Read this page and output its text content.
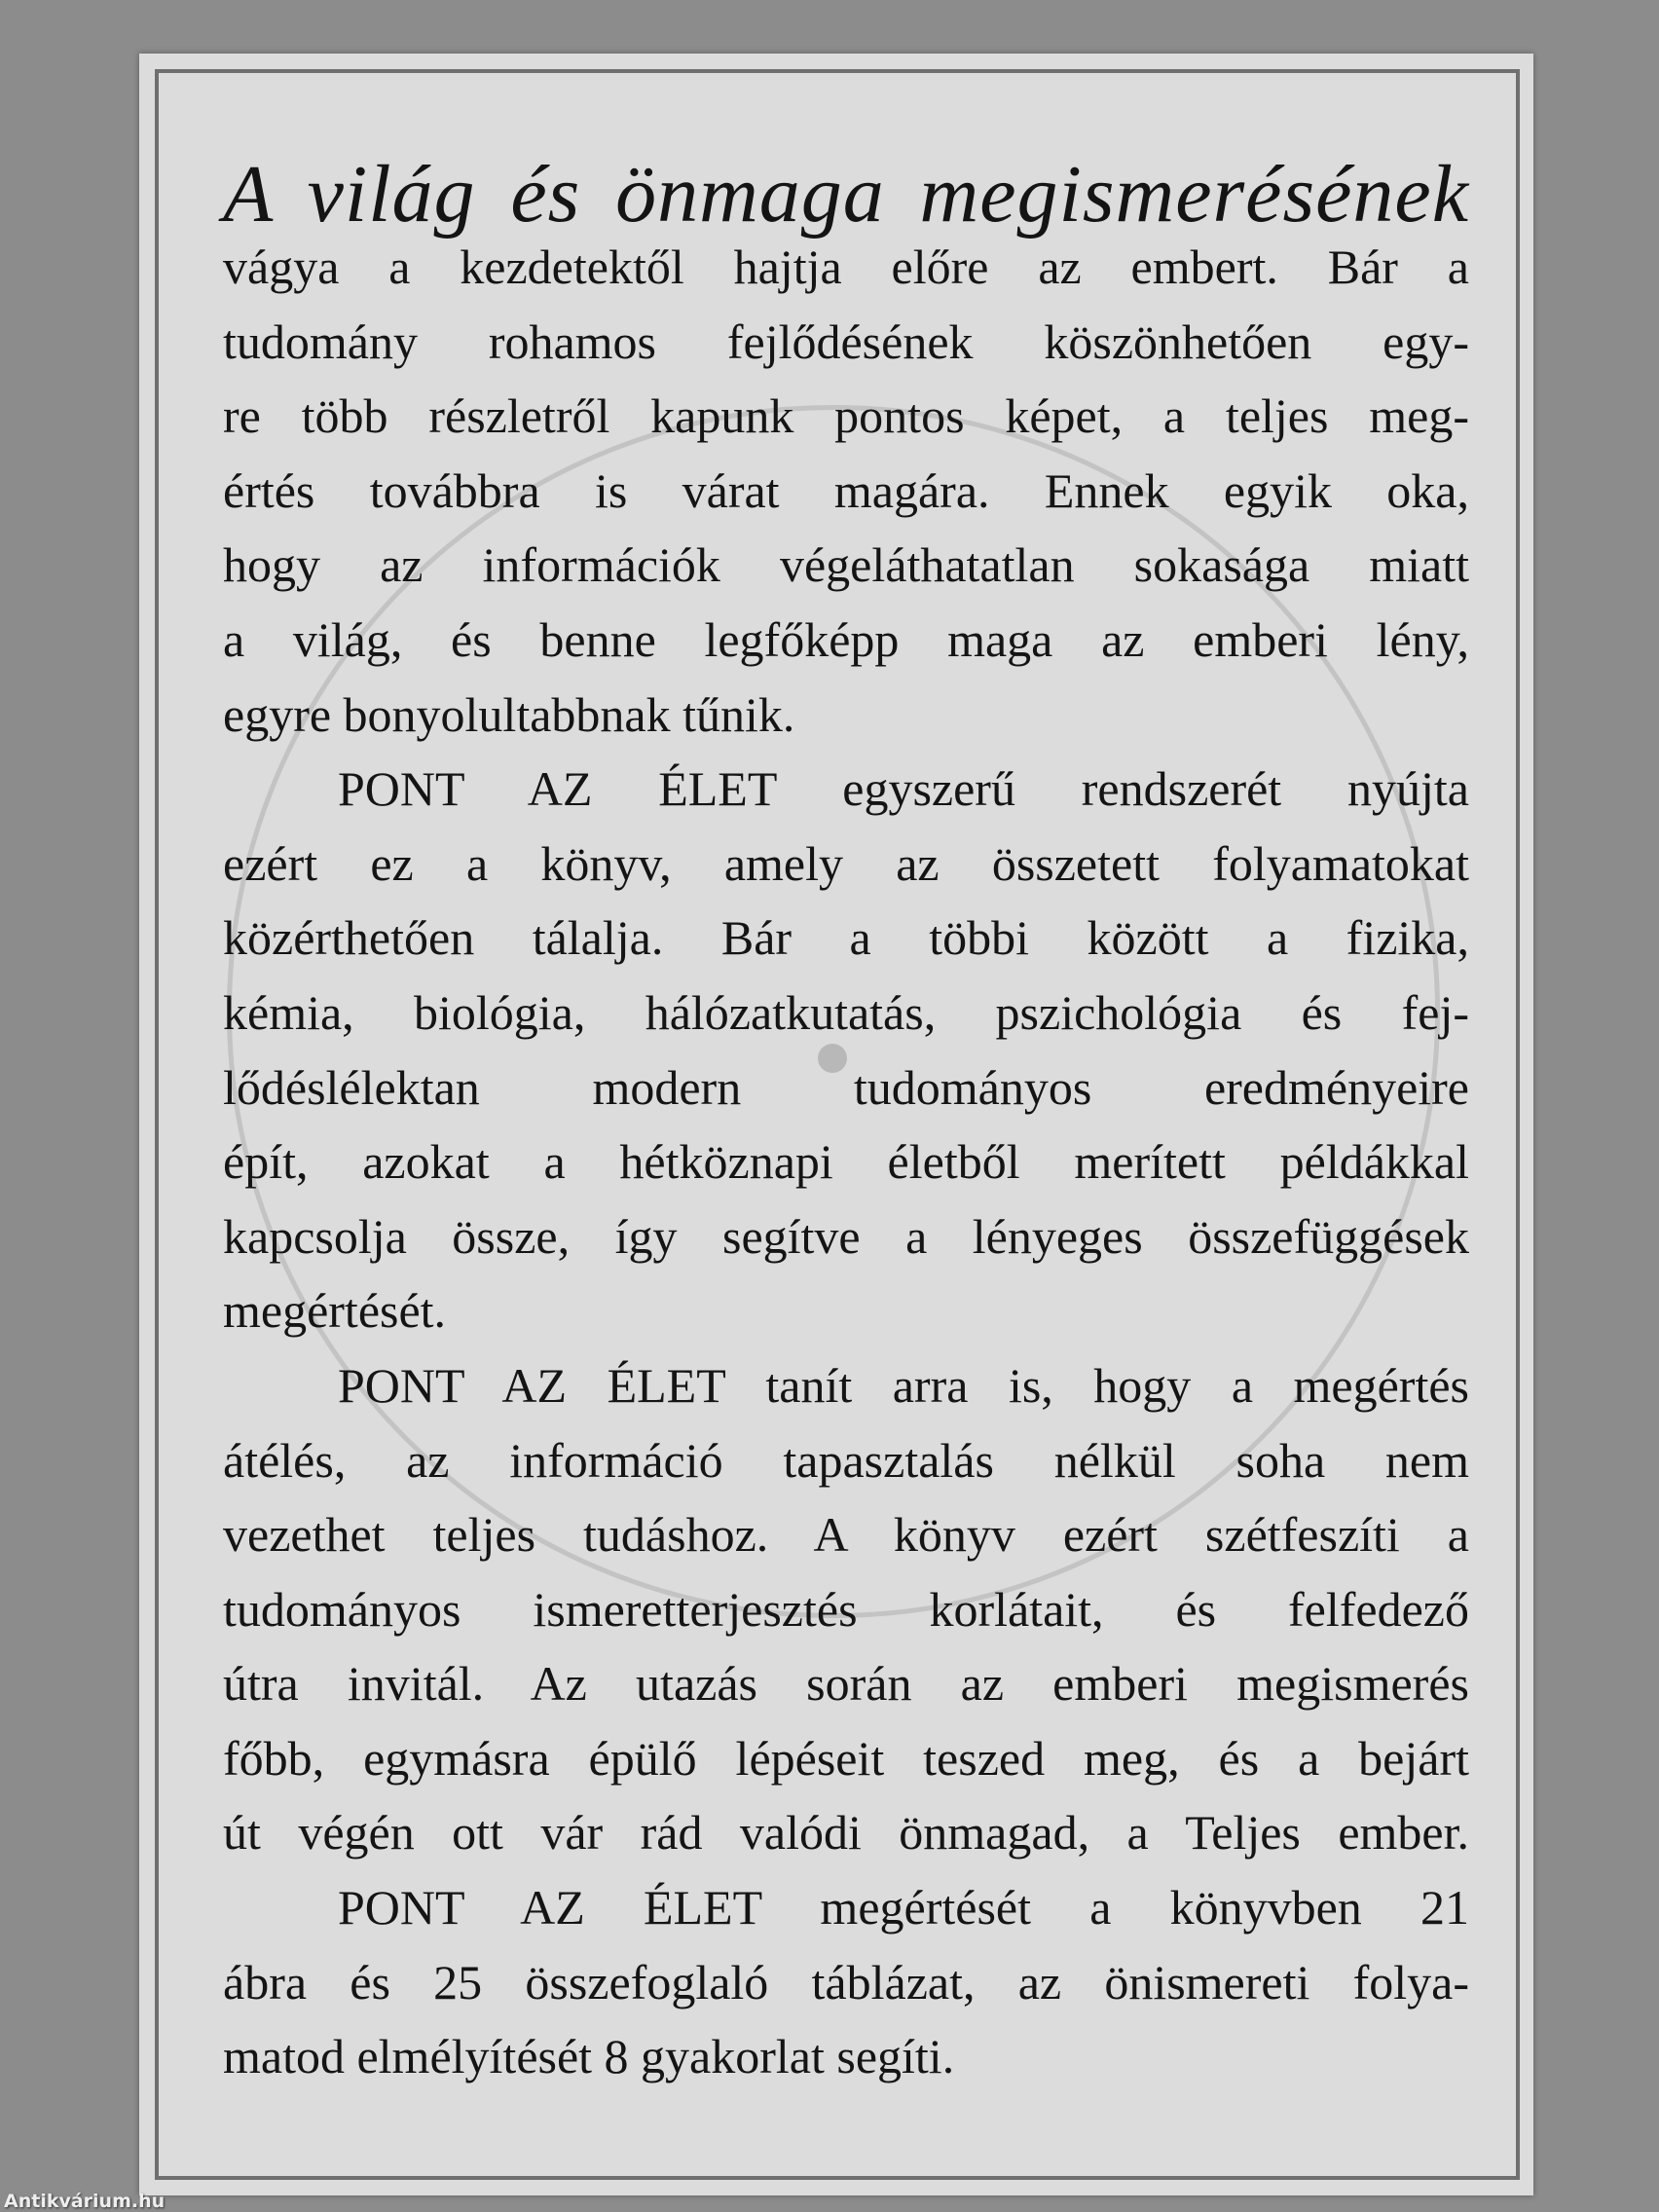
A világ és önmaga megismerésének
vágya a kezdetektől hajtja előre az embert. Bár a
tudomány rohamos fejlődésének köszönhetően egy-
re több részletről kapunk pontos képet, a teljes meg-
értés továbbra is várat magára. Ennek egyik oka,
hogy az információk végeláthatatlan sokasága miatt
a világ, és benne legfőképp maga az emberi lény,
egyre bonyolultabbnak tűnik.
PONT AZ ÉLET egyszerű rendszerét nyújta
ezért ez a könyv, amely az összetett folyamatokat
közérthetően tálalja. Bár a többi között a fizika,
kémia, biológia, hálózatkutatás, pszichológia és fej-
lődéslélektan modern tudományos eredményeire
épít, azokat a hétköznapi életből merített példákkal
kapcsolja össze, így segítve a lényeges összefüggések
megértését.
PONT AZ ÉLET tanít arra is, hogy a megértés
átélés, az információ tapasztalás nélkül soha nem
vezethet teljes tudáshoz. A könyv ezért szétfeszíti a
tudományos ismeretterjesztés korlátait, és felfedező
útra invitál. Az utazás során az emberi megismerés
főbb, egymásra épülő lépéseit teszed meg, és a bejárt
út végén ott vár rád valódi önmagad, a Teljes ember.
PONT AZ ÉLET megértését a könyvben 21
ábra és 25 összefoglaló táblázat, az önismereti folya-
matod elmélyítését 8 gyakorlat segíti.
Antikvárium.hu
